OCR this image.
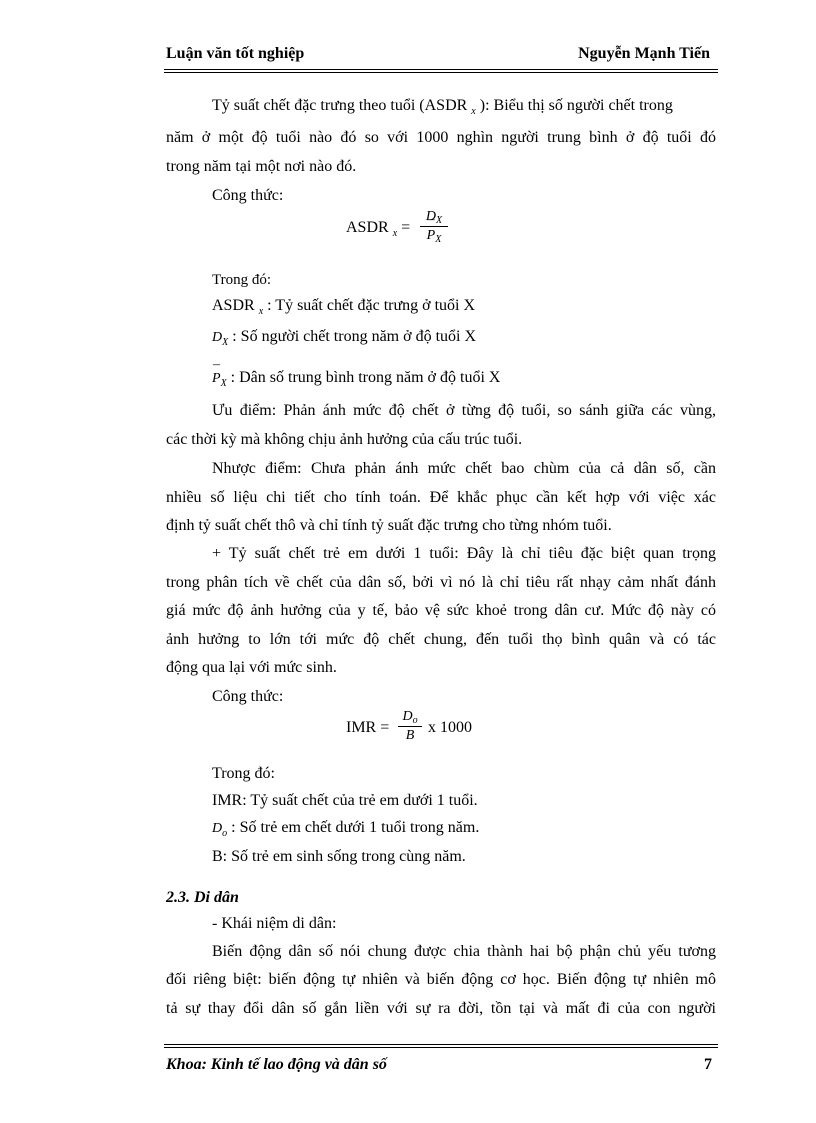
Luận văn tốt nghiệp	Nguyễn Mạnh Tiến
Tỷ suất chết đặc trưng theo tuổi (ASDR $_x$ ): Biểu thị số người chết trong
năm ở một độ tuổi nào đó so với 1000 nghìn người trung bình ở độ tuổi đó
trong năm tại một nơi nào đó.
Công thức:
ASDR $_x$ =
$D_X$
¯ $P_X$
Trong đó:
ASDR $_x$ : Tỷ suất chết đặc trưng ở tuổi X
$D_X$ : Số người chết trong năm ở độ tuổi X
¯ $P_X$ : Dân số trung bình trong năm ở độ tuổi X
Ưu điểm: Phản ánh mức độ chết ở từng độ tuổi, so sánh giữa các vùng,
các thời kỳ mà không chịu ảnh hưởng của cấu trúc tuổi.
Nhược điểm: Chưa phản ánh mức chết bao chùm của cả dân số, cần
nhiều số liệu chi tiết cho tính toán. Để khắc phục cần kết hợp với việc xác
định tỷ suất chết thô và chỉ tính tỷ suất đặc trưng cho từng nhóm tuổi.
+ Tỷ suất chết trẻ em dưới 1 tuổi: Đây là chỉ tiêu đặc biệt quan trọng
trong phân tích về chết của dân số, bởi vì nó là chỉ tiêu rất nhạy cảm nhất đánh
giá mức độ ảnh hưởng của y tế, bảo vệ sức khoẻ trong dân cư. Mức độ này có
ảnh hưởng to lớn tới mức độ chết chung, đến tuổi thọ bình quân và có tác
động qua lại với mức sinh.
Công thức:
IMR =
$D_o$
B x 1000
Trong đó:
IMR: Tỷ suất chết của trẻ em dưới 1 tuổi.
$D_o$ : Số trẻ em chết dưới 1 tuổi trong năm.
B: Số trẻ em sinh sống trong cùng năm.
2.3. Di dân
- Khái niệm di dân:
Biến động dân số nói chung được chia thành hai bộ phận chủ yếu tương
đối riêng biệt: biến động tự nhiên và biến động cơ học. Biến động tự nhiên mô
tả sự thay đổi dân số gắn liền với sự ra đời, tồn tại và mất đi của con người
Khoa: Kinh tế lao động và dân số	7
